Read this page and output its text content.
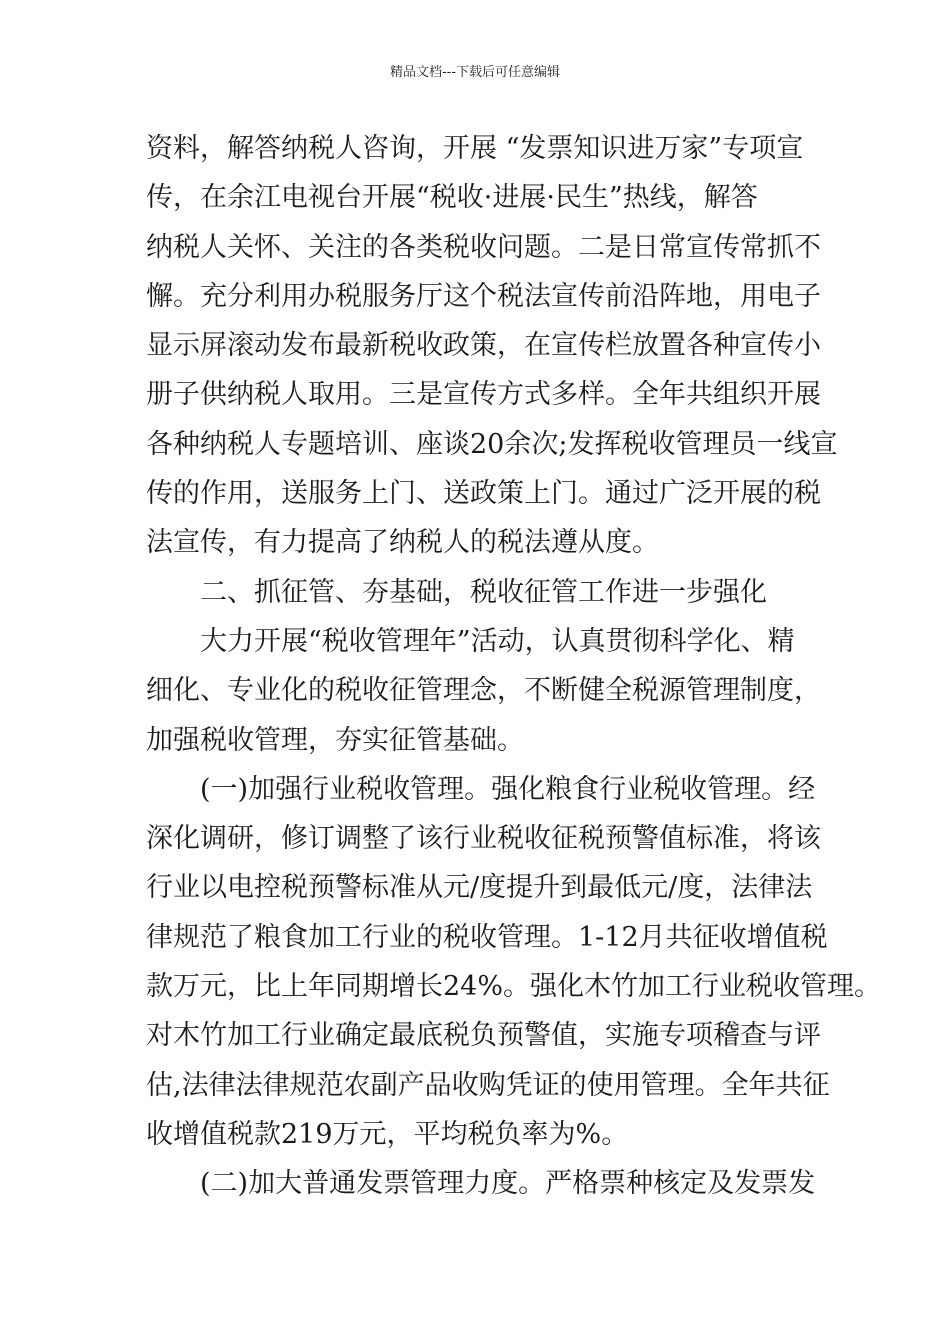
精品文档---下载后可任意编辑
资料，解答纳税人咨询，开展 “发票知识进万家”专项宣
传，在余江电视台开展“税收·进展·民生”热线，解答
纳税人关怀、关注的各类税收问题。二是日常宣传常抓不
懈。充分利用办税服务厅这个税法宣传前沿阵地，用电子
显示屏滚动发布最新税收政策，在宣传栏放置各种宣传小
册子供纳税人取用。三是宣传方式多样。全年共组织开展
各种纳税人专题培训、座谈20余次;发挥税收管理员一线宣
传的作用，送服务上门、送政策上门。通过广泛开展的税
法宣传，有力提高了纳税人的税法遵从度。
二、抓征管、夯基础，税收征管工作进一步强化
大力开展“税收管理年”活动，认真贯彻科学化、精
细化、专业化的税收征管理念，不断健全税源管理制度，
加强税收管理，夯实征管基础。
(一)加强行业税收管理。强化粮食行业税收管理。经
深化调研，修订调整了该行业税收征税预警值标准，将该
行业以电控税预警标准从元/度提升到最低元/度，法律法
律规范了粮食加工行业的税收管理。1-12月共征收增值税
款万元，比上年同期增长24%。强化木竹加工行业税收管理。
对木竹加工行业确定最底税负预警值，实施专项稽查与评
估,法律法律规范农副产品收购凭证的使用管理。全年共征
收增值税款219万元，平均税负率为%。
(二)加大普通发票管理力度。严格票种核定及发票发
